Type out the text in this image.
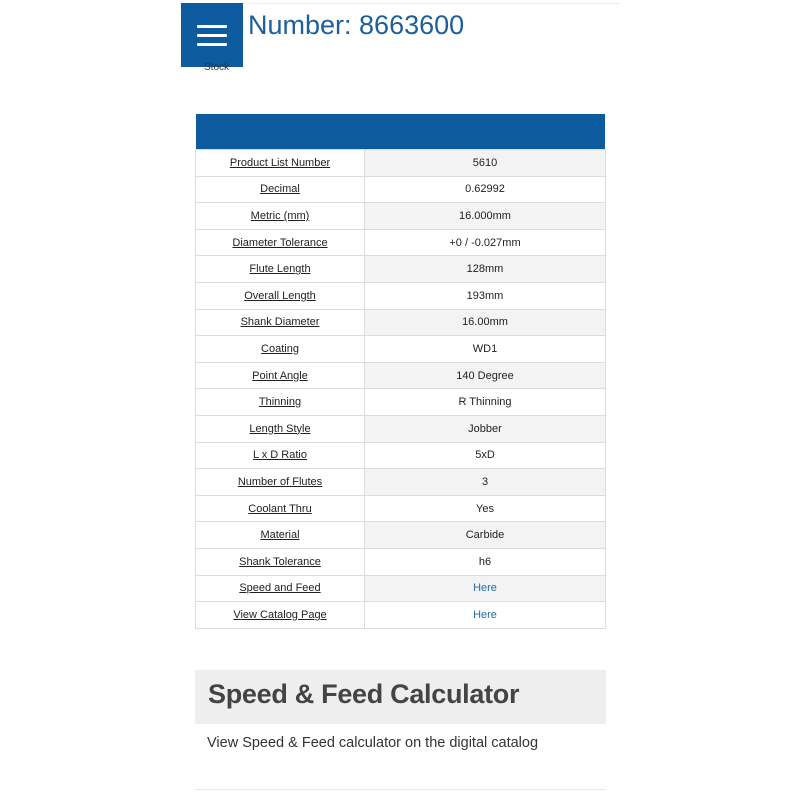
Number: 8663600
Stock
Product List Number	5610
Decimal	0.62992
Metric (mm)	16.000mm
Diameter Tolerance	+0 / -0.027mm
Flute Length	128mm
Overall Length	193mm
Shank Diameter	16.00mm
Coating	WD1
Point Angle	140 Degree
Thinning	R Thinning
Length Style	Jobber
L x D Ratio	5xD
Number of Flutes	3
Coolant Thru	Yes
Material	Carbide
Shank Tolerance	h6
Speed and Feed	Here
View Catalog Page	Here
Speed & Feed Calculator
View Speed & Feed calculator on the digital catalog
